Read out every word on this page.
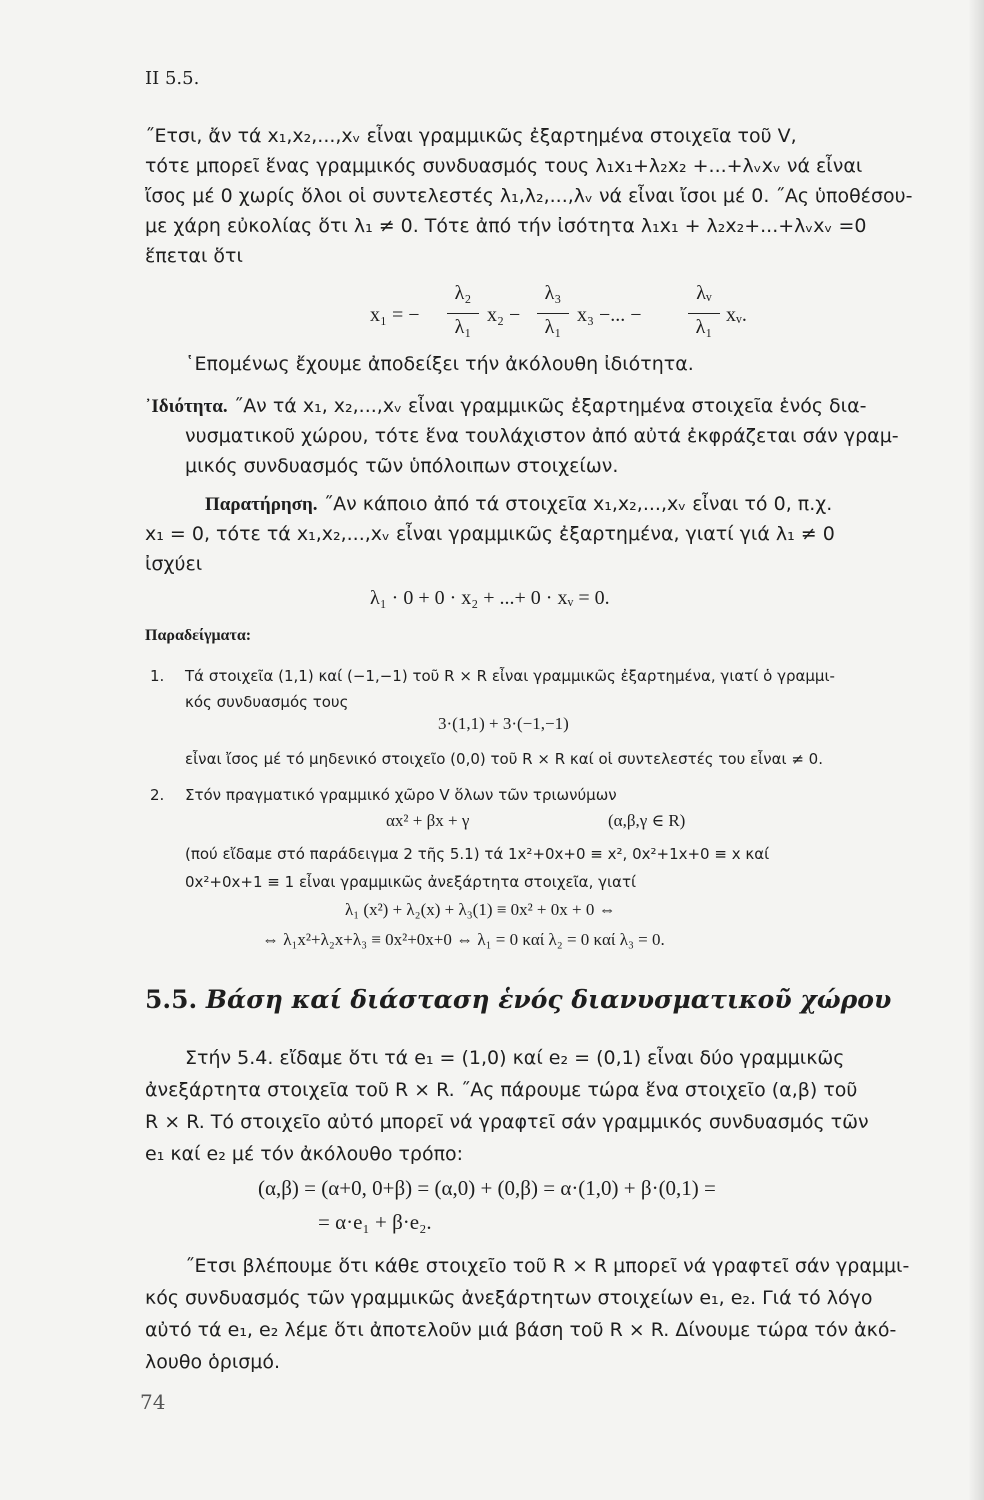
II 5.5.
˝Ετσι, ἄν τά x₁,x₂,...,xᵥ εἶναι γραμμικῶς ἐξαρτημένα στοιχεῖα τοῦ V,
τότε μπορεῖ ἕνας γραμμικός συνδυασμός τους λ₁x₁+λ₂x₂ +...+λᵥxᵥ νά εἶναι
ἴσος μέ 0 χωρίς ὅλοι οἱ συντελεστές λ₁,λ₂,...,λᵥ νά εἶναι ἴσοι μέ 0. ˝Ας ὑποθέσου-
με χάρη εὐκολίας ὅτι λ₁ ≠ 0. Τότε ἀπό τήν ἰσότητα λ₁x₁ + λ₂x₂+...+λᵥxᵥ =0
ἕπεται ὅτι
x₁ = −
λ₂
λ₁
x₂ −
λ₃
λ₁
x₃ −... −
λᵥ
λ₁
xᵥ.
῾Επομένως ἔχουμε ἀποδείξει τήν ἀκόλουθη ἰδιότητα.
᾿Ιδιότητα. ˝Αν τά x₁, x₂,...,xᵥ εἶναι γραμμικῶς ἐξαρτημένα στοιχεῖα ἑνός δια-
νυσματικοῦ χώρου, τότε ἕνα τουλάχιστον ἀπό αὐτά ἐκφράζεται σάν γραμ-
μικός συνδυασμός τῶν ὑπόλοιπων στοιχείων.
Παρατήρηση. ˝Αν κάποιο ἀπό τά στοιχεῖα x₁,x₂,...,xᵥ εἶναι τό 0, π.χ.
x₁ = 0, τότε τά x₁,x₂,...,xᵥ εἶναι γραμμικῶς ἐξαρτημένα, γιατί γιά λ₁ ≠ 0
ἰσχύει
λ₁ · 0 + 0 · x₂ + ...+ 0 · xᵥ = 0.
Παραδείγματα:
1. Τά στοιχεῖα (1,1) καί (−1,−1) τοῦ R × R εἶναι γραμμικῶς ἐξαρτημένα, γιατί ὁ γραμμι-
κός συνδυασμός τους
3·(1,1) + 3·(−1,−1)
εἶναι ἴσος μέ τό μηδενικό στοιχεῖο (0,0) τοῦ R × R καί οἱ συντελεστές του εἶναι ≠ 0.
2. Στόν πραγματικό γραμμικό χῶρο V ὅλων τῶν τριωνύμων
αx² + βx + γ	(α,β,γ ∈ R)
(πού εἴδαμε στό παράδειγμα 2 τῆς 5.1) τά 1x²+0x+0 ≡ x², 0x²+1x+0 ≡ x καί
0x²+0x+1 ≡ 1 εἶναι γραμμικῶς ἀνεξάρτητα στοιχεῖα, γιατί
λ₁ (x²) + λ₂(x) + λ₃(1) ≡ 0x² + 0x + 0 ⇔
⇔ λ₁x²+λ₂x+λ₃ ≡ 0x²+0x+0 ⇔ λ₁ = 0 καί λ₂ = 0 καί λ₃ = 0.
5.5. Βάση καί διάσταση ἑνός διανυσματικοῦ χώρου
Στήν 5.4. εἴδαμε ὅτι τά e₁ = (1,0) καί e₂ = (0,1) εἶναι δύο γραμμικῶς
ἀνεξάρτητα στοιχεῖα τοῦ R × R. ˝Ας πάρουμε τώρα ἕνα στοιχεῖο (α,β) τοῦ
R × R. Τό στοιχεῖο αὐτό μπορεῖ νά γραφτεῖ σάν γραμμικός συνδυασμός τῶν
e₁ καί e₂ μέ τόν ἀκόλουθο τρόπο:
(α,β) = (α+0, 0+β) = (α,0) + (0,β) = α·(1,0) + β·(0,1) =
= α·e₁ + β·e₂.
˝Ετσι βλέπουμε ὅτι κάθε στοιχεῖο τοῦ R × R μπορεῖ νά γραφτεῖ σάν γραμμι-
κός συνδυασμός τῶν γραμμικῶς ἀνεξάρτητων στοιχείων e₁, e₂. Γιά τό λόγο
αὐτό τά e₁, e₂ λέμε ὅτι ἀποτελοῦν μιά βάση τοῦ R × R. Δίνουμε τώρα τόν ἀκό-
λουθο ὁρισμό.
74
